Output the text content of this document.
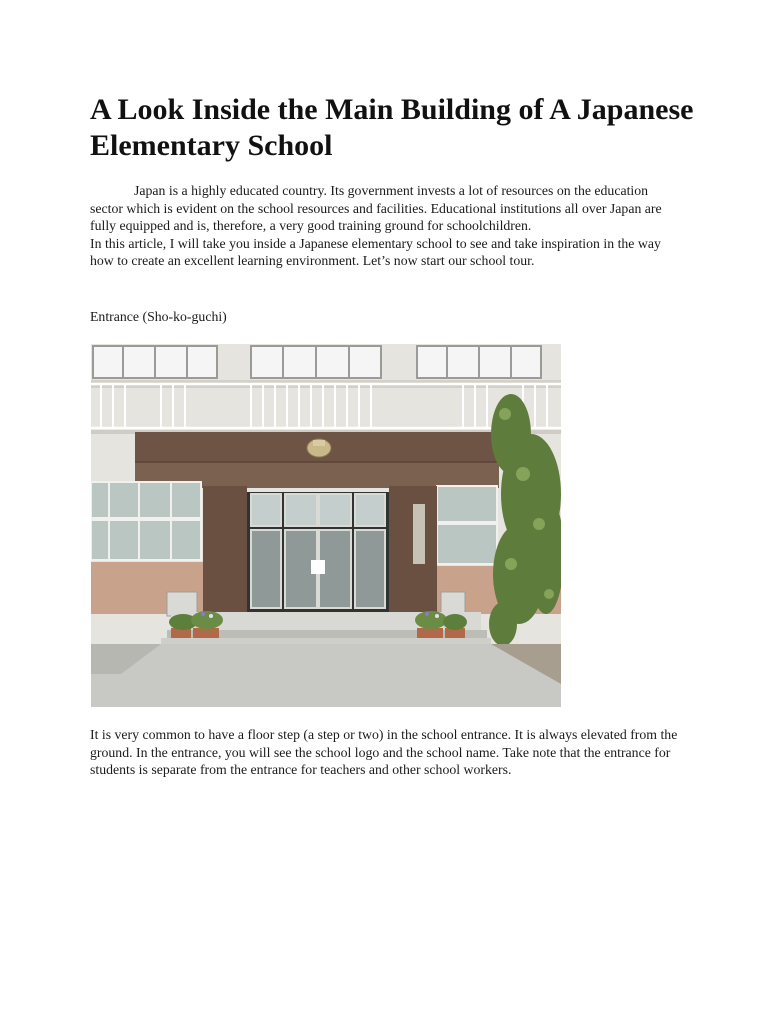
A Look Inside the Main Building of A Japanese Elementary School

Japan is a highly educated country. Its government invests a lot of resources on the education sector which is evident on the school resources and facilities. Educational institutions all over Japan are fully equipped and is, therefore, a very good training ground for schoolchildren.

In this article, I will take you inside a Japanese elementary school to see and take inspiration in the way how to create an excellent learning environment. Let’s now start our school tour.

Entrance (Sho-ko-guchi)

It is very common to have a floor step (a step or two) in the school entrance. It is always elevated from the ground. In the entrance, you will see the school logo and the school name. Take note that the entrance for students is separate from the entrance for teachers and other school workers.
